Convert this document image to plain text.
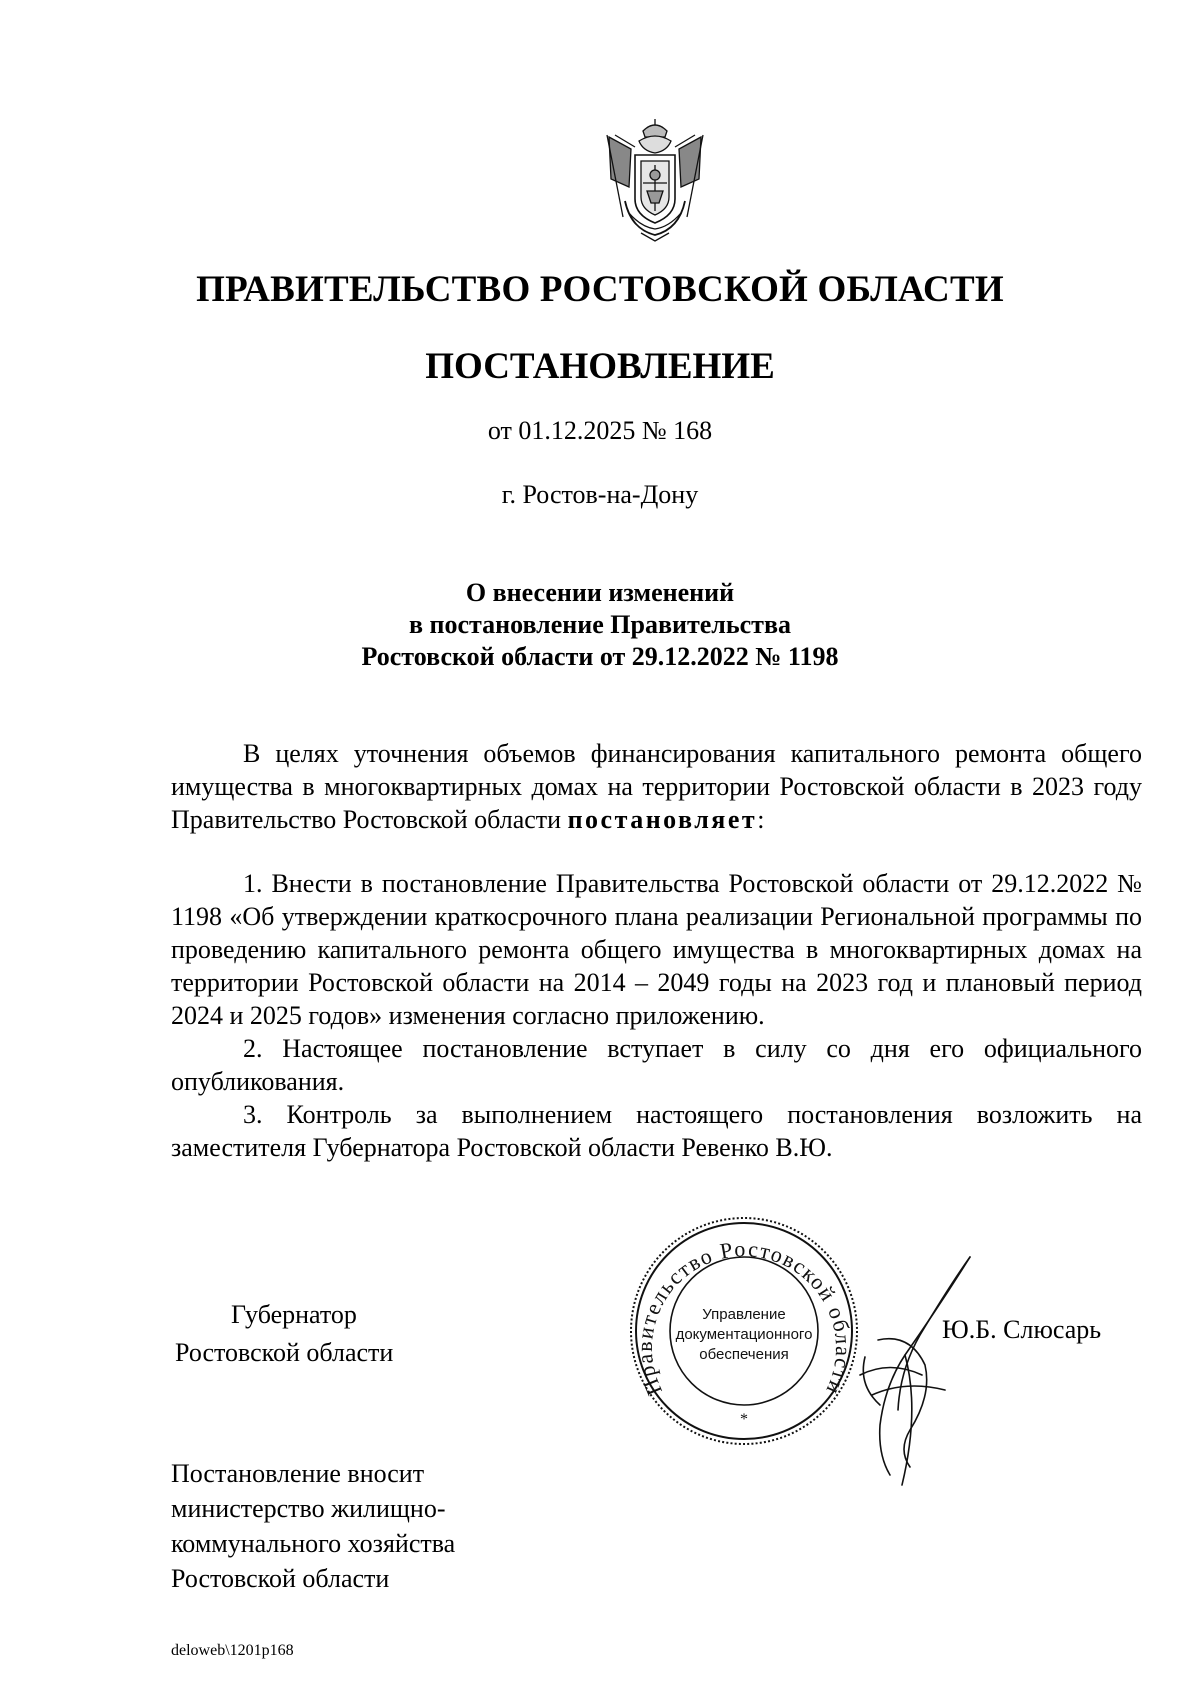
ПРАВИТЕЛЬСТВО РОСТОВСКОЙ ОБЛАСТИ
ПОСТАНОВЛЕНИЕ
от 01.12.2025 № 168
г. Ростов-на-Дону
О внесении изменений
в постановление Правительства
Ростовской области от 29.12.2022 № 1198

В целях уточнения объемов финансирования капитального ремонта общего имущества в многоквартирных домах на территории Ростовской области в 2023 году Правительство Ростовской области постановляет:

1. Внести в постановление Правительства Ростовской области от 29.12.2022 № 1198 «Об утверждении краткосрочного плана реализации Региональной программы по проведению капитального ремонта общего имущества в многоквартирных домах на территории Ростовской области на 2014 – 2049 годы на 2023 год и плановый период 2024 и 2025 годов» изменения согласно приложению.

2. Настоящее постановление вступает в силу со дня его официального опубликования.

3. Контроль за выполнением настоящего постановления возложить на заместителя Губернатора Ростовской области Ревенко В.Ю.

Губернатор
Ростовской области
Правительство Ростовской области
Управление
документационного
обеспечения
*
Ю.Б. Слюсарь
Постановление вносит
министерство жилищно-
коммунального хозяйства
Ростовской области
deloweb\1201p168
